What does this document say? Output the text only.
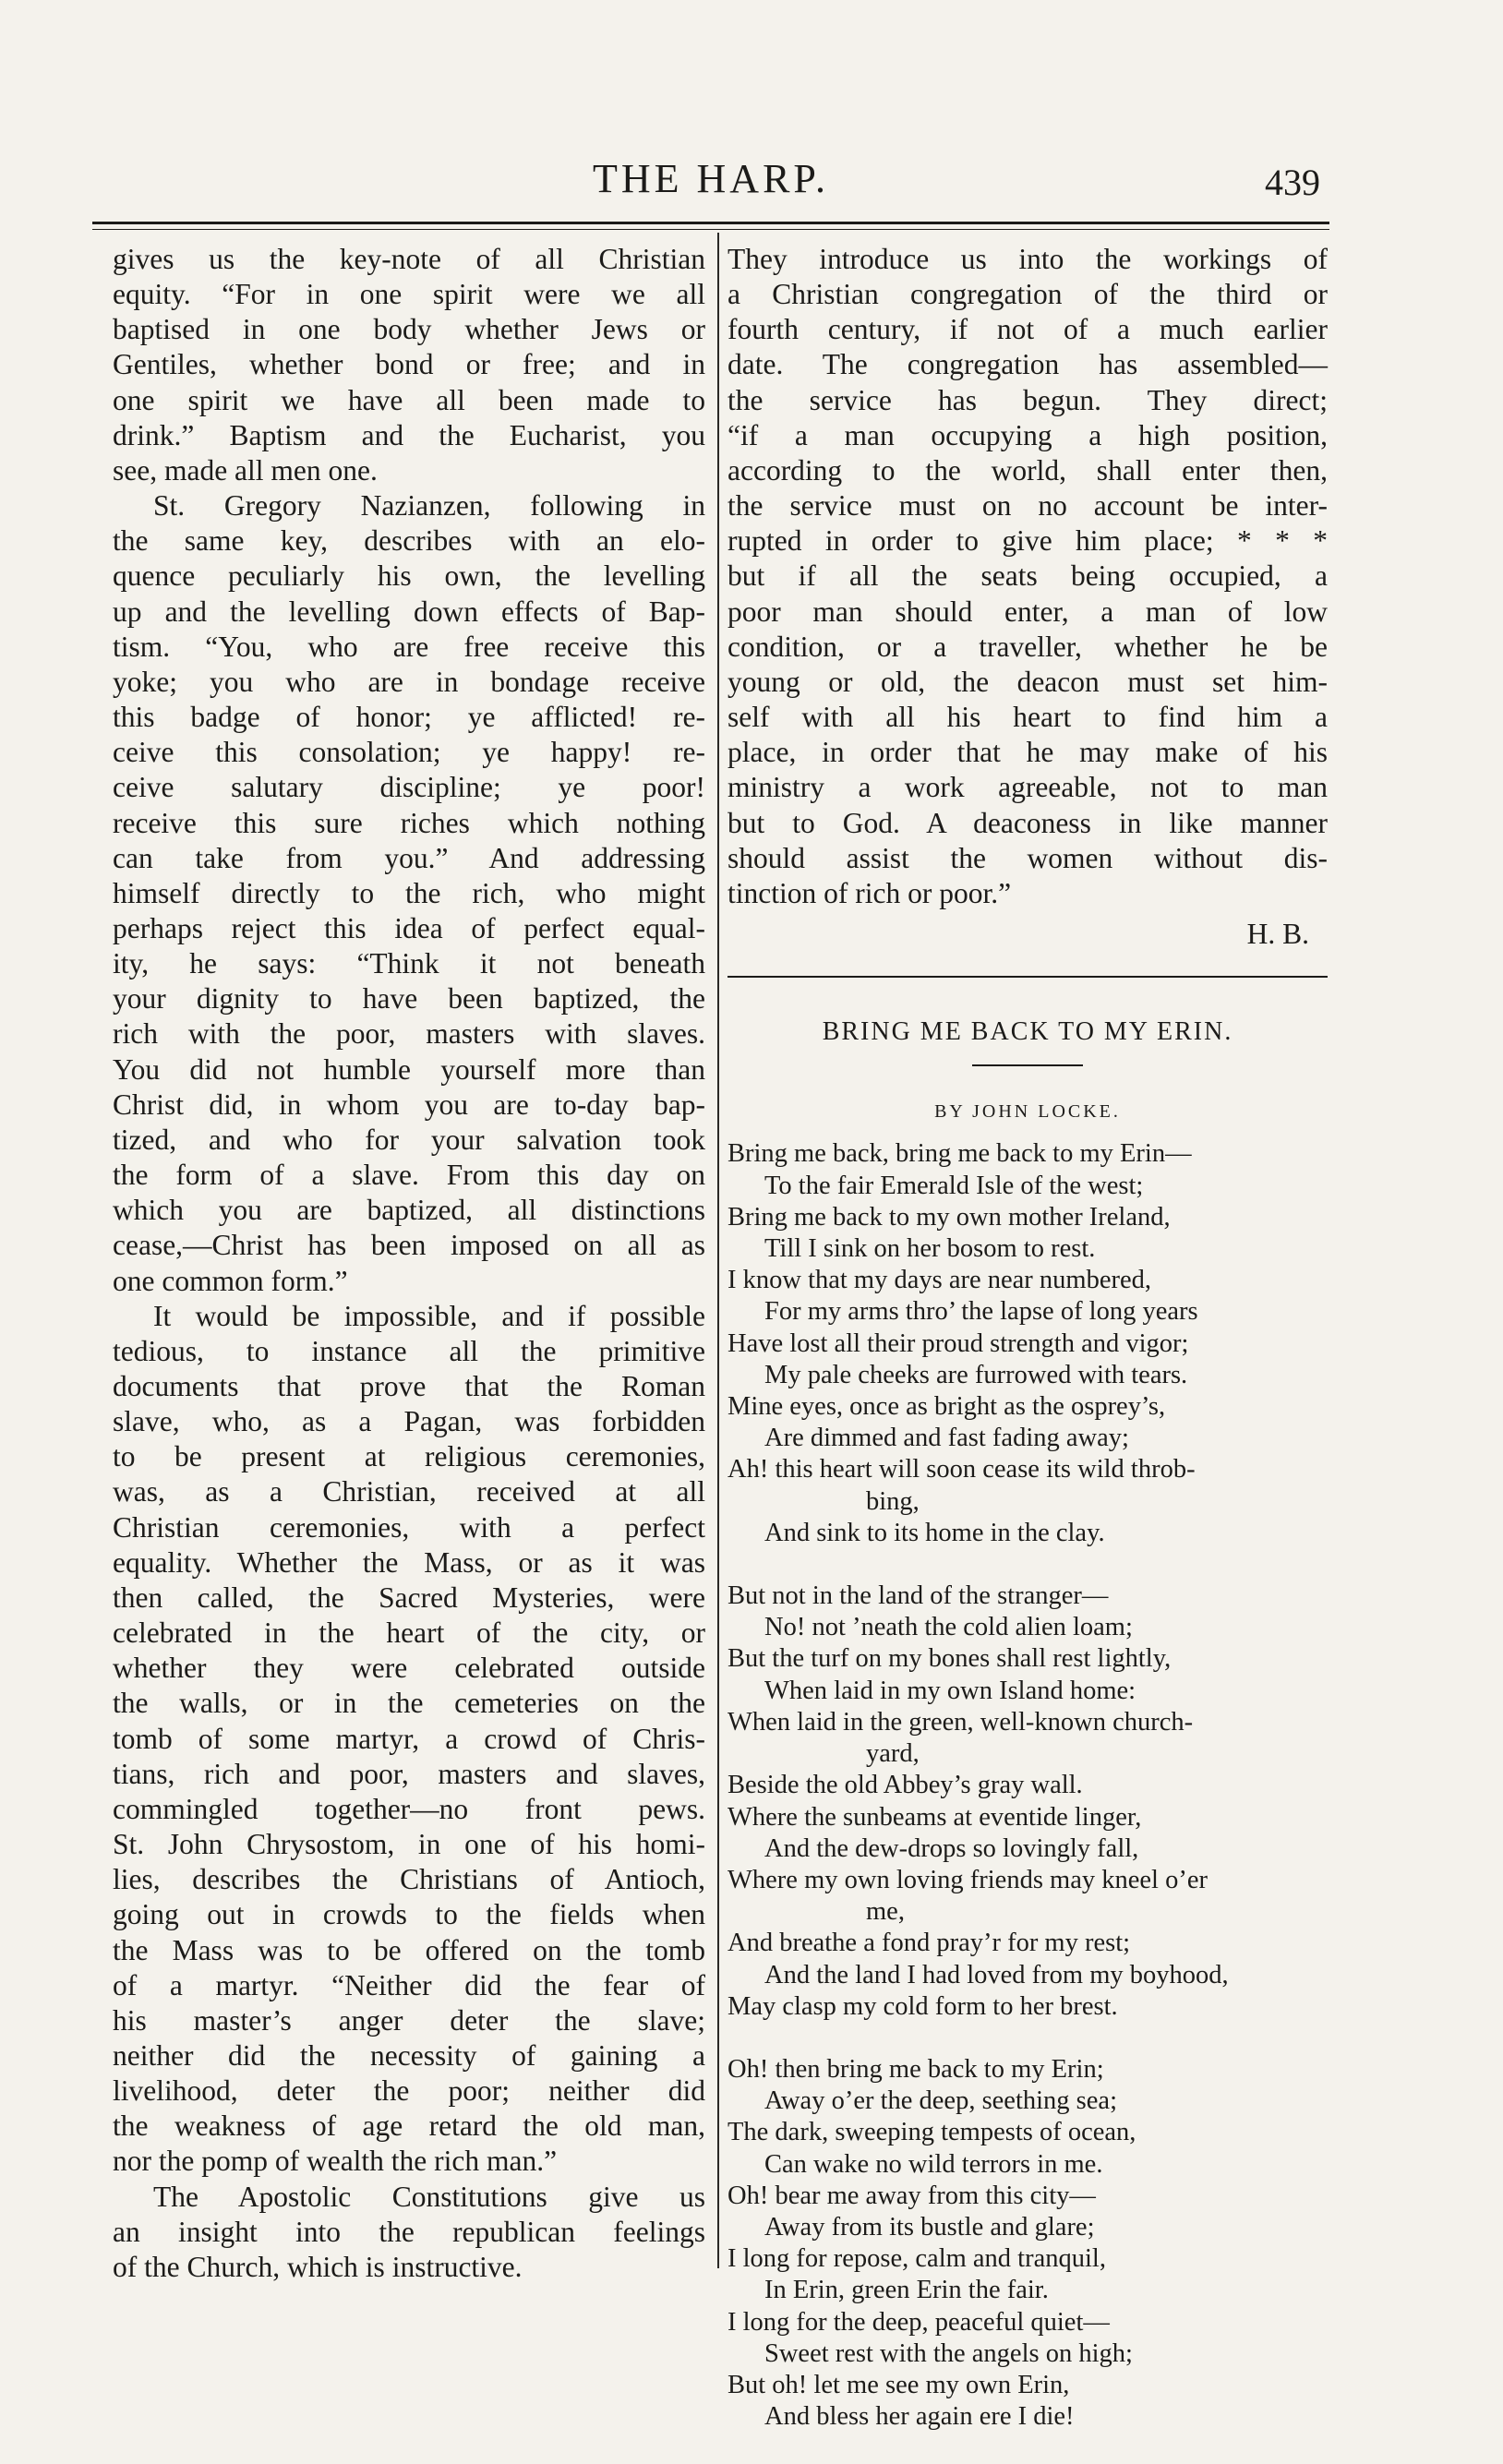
THE HARP.	439
gives us the key-note of all Christian
equity. “For in one spirit were we all
baptised in one body whether Jews or
Gentiles, whether bond or free; and in
one spirit we have all been made to
drink.” Baptism and the Eucharist, you
see, made all men one.
St. Gregory Nazianzen, following in
the same key, describes with an elo-
quence peculiarly his own, the levelling
up and the levelling down effects of Bap-
tism. “You, who are free receive this
yoke; you who are in bondage receive
this badge of honor; ye afflicted! re-
ceive this consolation; ye happy! re-
ceive salutary discipline; ye poor!
receive this sure riches which nothing
can take from you.” And addressing
himself directly to the rich, who might
perhaps reject this idea of perfect equal-
ity, he says: “Think it not beneath
your dignity to have been baptized, the
rich with the poor, masters with slaves.
You did not humble yourself more than
Christ did, in whom you are to-day bap-
tized, and who for your salvation took
the form of a slave. From this day on
which you are baptized, all distinctions
cease,—Christ has been imposed on all as
one common form.”
It would be impossible, and if possible
tedious, to instance all the primitive
documents that prove that the Roman
slave, who, as a Pagan, was forbidden
to be present at religious ceremonies,
was, as a Christian, received at all
Christian ceremonies, with a perfect
equality. Whether the Mass, or as it was
then called, the Sacred Mysteries, were
celebrated in the heart of the city, or
whether they were celebrated outside
the walls, or in the cemeteries on the
tomb of some martyr, a crowd of Chris-
tians, rich and poor, masters and slaves,
commingled together—no front pews.
St. John Chrysostom, in one of his homi-
lies, describes the Christians of Antioch,
going out in crowds to the fields when
the Mass was to be offered on the tomb
of a martyr. “Neither did the fear of
his master’s anger deter the slave;
neither did the necessity of gaining a
livelihood, deter the poor; neither did
the weakness of age retard the old man,
nor the pomp of wealth the rich man.”
The Apostolic Constitutions give us
an insight into the republican feelings
of the Church, which is instructive.
They introduce us into the workings of
a Christian congregation of the third or
fourth century, if not of a much earlier
date. The congregation has assembled—
the service has begun. They direct;
“if a man occupying a high position,
according to the world, shall enter then,
the service must on no account be inter-
rupted in order to give him place; * * *
but if all the seats being occupied, a
poor man should enter, a man of low
condition, or a traveller, whether he be
young or old, the deacon must set him-
self with all his heart to find him a
place, in order that he may make of his
ministry a work agreeable, not to man
but to God. A deaconess in like manner
should assist the women without dis-
tinction of rich or poor.”
H. B.
BRING ME BACK TO MY ERIN.
BY JOHN LOCKE.
Bring me back, bring me back to my Erin—
To the fair Emerald Isle of the west;
Bring me back to my own mother Ireland,
Till I sink on her bosom to rest.
I know that my days are near numbered,
For my arms thro’ the lapse of long years
Have lost all their proud strength and vigor;
My pale cheeks are furrowed with tears.
Mine eyes, once as bright as the osprey’s,
Are dimmed and fast fading away;
Ah! this heart will soon cease its wild throb-
bing,
And sink to its home in the clay.
But not in the land of the stranger—
No! not ’neath the cold alien loam;
But the turf on my bones shall rest lightly,
When laid in my own Island home:
When laid in the green, well-known church-
yard,
Beside the old Abbey’s gray wall.
Where the sunbeams at eventide linger,
And the dew-drops so lovingly fall,
Where my own loving friends may kneel o’er
me,
And breathe a fond pray’r for my rest;
And the land I had loved from my boyhood,
May clasp my cold form to her brest.
Oh! then bring me back to my Erin;
Away o’er the deep, seething sea;
The dark, sweeping tempests of ocean,
Can wake no wild terrors in me.
Oh! bear me away from this city—
Away from its bustle and glare;
I long for repose, calm and tranquil,
In Erin, green Erin the fair.
I long for the deep, peaceful quiet—
Sweet rest with the angels on high;
But oh! let me see my own Erin,
And bless her again ere I die!
